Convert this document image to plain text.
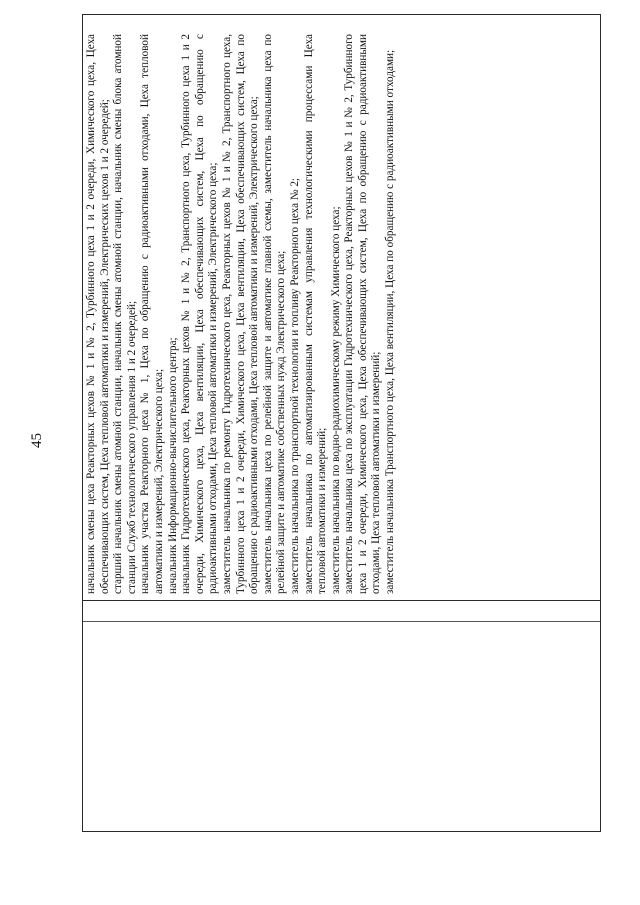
45	начальник смены цеха Реакторных цехов № 1 и № 2, Турбинного цеха 1 и 2 очереди, Химического цеха, Цеха обеспечивающих систем, Цеха тепловой автоматики и измерений, Электрических цехов 1 и 2 очередей; старший начальник смены атомной станции, начальник смены атомной станции, начальник смены блока атомной станции Служб технологического управления 1 и 2 очередей; начальник участка Реакторного цеха № 1, Цеха по обращению с радиоактивными отходами, Цеха тепловой автоматики и измерений, Электрического цеха; начальник Информационно-вычислительного центра; начальник Гидротехнического цеха, Реакторных цехов № 1 и № 2, Транспортного цеха, Турбинного цеха 1 и 2 очереди, Химического цеха, Цеха вентиляции, Цеха обеспечивающих систем, Цеха по обращению с радиоактивными отходами, Цеха тепловой автоматики и измерений, Электрического цеха; заместитель начальника по ремонту Гидротехнического цеха, Реакторных цехов № 1 и № 2, Транспортного цеха, Турбинного цеха 1 и 2 очереди, Химического цеха, Цеха вентиляции, Цеха обеспечивающих систем, Цеха по обращению с радиоактивными отходами, Цеха тепловой автоматики и измерений, Электрического цеха; заместитель начальника цеха по релейной защите и автоматике главной схемы, заместитель начальника цеха по релейной защите и автоматике собственных нужд Электрического цеха; заместитель начальника по транспортной технологии и топливу Реакторного цеха № 2; заместитель начальника по автоматизированным системам управления технологическими процессами Цеха тепловой автоматики и измерений; заместитель начальника по водно-радиохимическому режиму Химического цеха; заместитель начальника цеха по эксплуатации Гидротехнического цеха, Реакторных цехов № 1 и № 2, Турбинного цеха 1 и 2 очереди, Химического цеха, Цеха обеспечивающих систем, Цеха по обращению с радиоактивными отходами, Цеха тепловой автоматики и измерений; заместитель начальника Транспортного цеха, Цеха вентиляции, Цеха по обращению с радиоактивными отходами;
